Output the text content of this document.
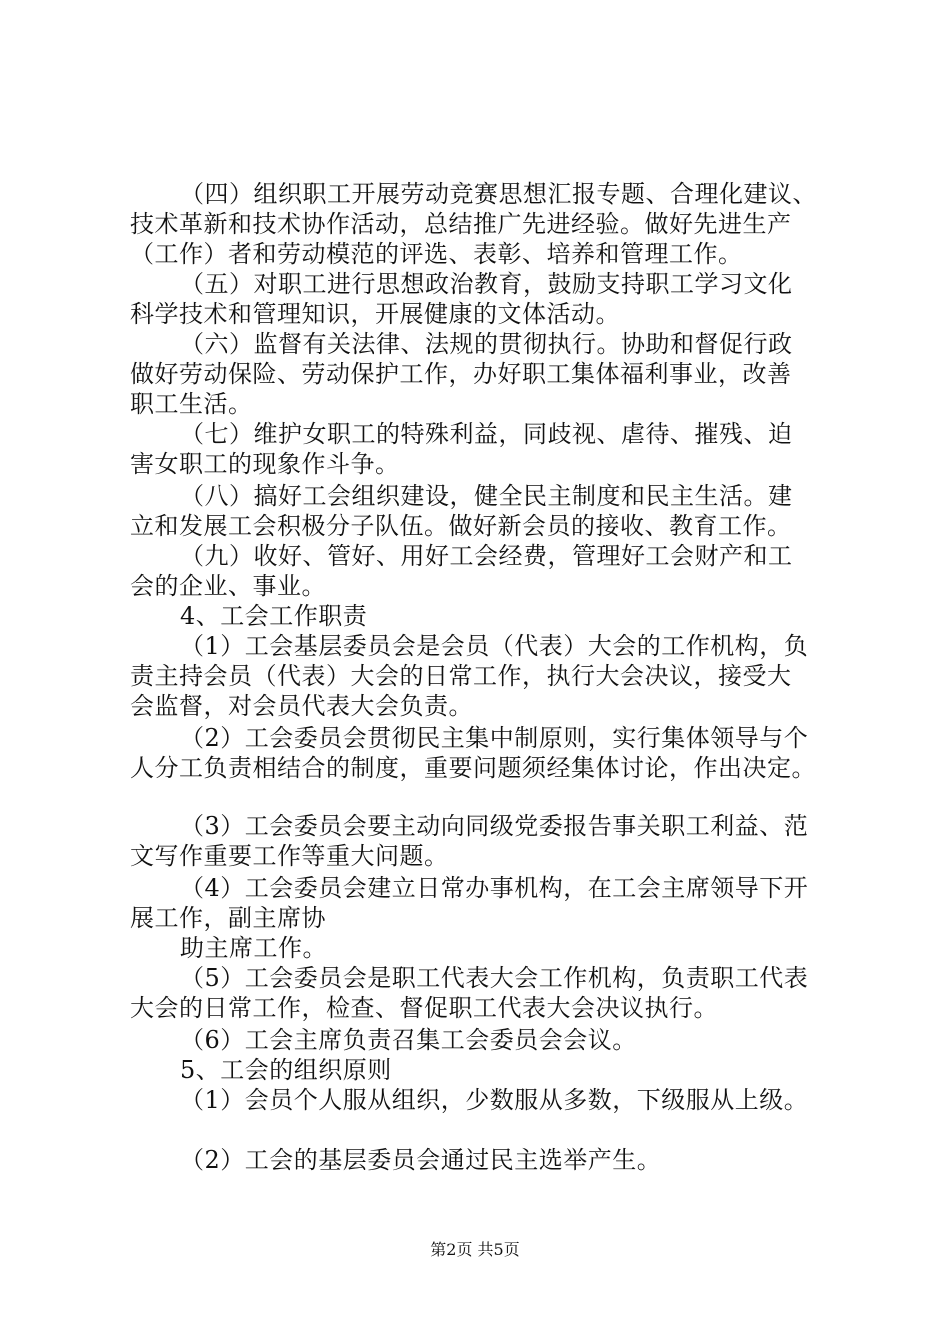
（四）组织职工开展劳动竞赛思想汇报专题、合理化建议、
技术革新和技术协作活动，总结推广先进经验。做好先进生产
（工作）者和劳动模范的评选、表彰、培养和管理工作。
（五）对职工进行思想政治教育，鼓励支持职工学习文化
科学技术和管理知识，开展健康的文体活动。
（六）监督有关法律、法规的贯彻执行。协助和督促行政
做好劳动保险、劳动保护工作，办好职工集体福利事业，改善
职工生活。
（七）维护女职工的特殊利益，同歧视、虐待、摧残、迫
害女职工的现象作斗争。
（八）搞好工会组织建设，健全民主制度和民主生活。建
立和发展工会积极分子队伍。做好新会员的接收、教育工作。
（九）收好、管好、用好工会经费，管理好工会财产和工
会的企业、事业。
4、工会工作职责
（1）工会基层委员会是会员（代表）大会的工作机构，负
责主持会员（代表）大会的日常工作，执行大会决议，接受大
会监督，对会员代表大会负责。
（2）工会委员会贯彻民主集中制原则，实行集体领导与个
人分工负责相结合的制度，重要问题须经集体讨论，作出决定。
（3）工会委员会要主动向同级党委报告事关职工利益、范
文写作重要工作等重大问题。
（4）工会委员会建立日常办事机构，在工会主席领导下开
展工作，副主席协
助主席工作。
（5）工会委员会是职工代表大会工作机构，负责职工代表
大会的日常工作，检查、督促职工代表大会决议执行。
（6）工会主席负责召集工会委员会会议。
5、工会的组织原则
（1）会员个人服从组织，少数服从多数，下级服从上级。
（2）工会的基层委员会通过民主选举产生。
第2页 共5页
